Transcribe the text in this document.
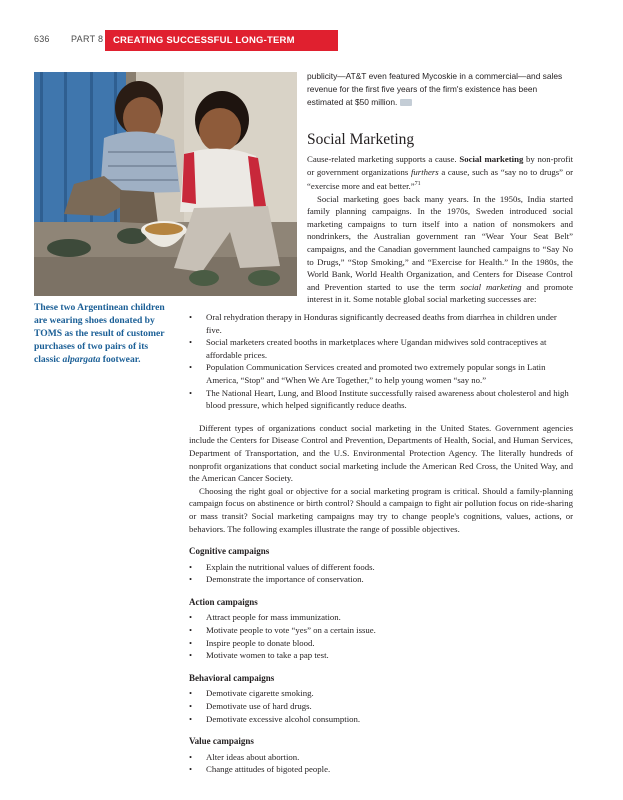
636 PART 8	CREATING SUCCESSFUL LONG-TERM GROWTH
These two Argentinean children are wearing shoes donated by TOMS as the result of customer purchases of two pairs of its classic alpargata footwear.
publicity—AT&T even featured Mycoskie in a commercial—and sales revenue for the first five years of the firm's existence has been estimated at $50 million.
Social Marketing

Cause-related marketing supports a cause. Social marketing by non-profit or government organizations furthers a cause, such as “say no to drugs” or “exercise more and eat better.”$^{71}$

Social marketing goes back many years. In the 1950s, India started family planning campaigns. In the 1970s, Sweden introduced social marketing campaigns to turn itself into a nation of nonsmokers and nondrinkers, the Australian government ran “Wear Your Seat Belt” campaigns, and the Canadian government launched campaigns to “Say No to Drugs,” “Stop Smoking,” and “Exercise for Health.” In the 1980s, the World Bank, World Health Organization, and Centers for Disease Control and Prevention started to use the term social marketing and promote interest in it. Some notable global social marketing successes are:

• Oral rehydration therapy in Honduras significantly decreased deaths from diarrhea in children under five.
• Social marketers created booths in marketplaces where Ugandan midwives sold contraceptives at affordable prices.
• Population Communication Services created and promoted two extremely popular songs in Latin America, “Stop” and “When We Are Together,” to help young women “say no.”
• The National Heart, Lung, and Blood Institute successfully raised awareness about cholesterol and high blood pressure, which helped significantly reduce deaths.

Different types of organizations conduct social marketing in the United States. Government agencies include the Centers for Disease Control and Prevention, Departments of Health, Social, and Human Services, Department of Transportation, and the U.S. Environmental Protection Agency. The literally hundreds of nonprofit organizations that conduct social marketing include the American Red Cross, the United Way, and the American Cancer Society.

Choosing the right goal or objective for a social marketing program is critical. Should a family-planning campaign focus on abstinence or birth control? Should a campaign to fight air pollution focus on ride-sharing or mass transit? Social marketing campaigns may try to change people's cognitions, values, actions, or behaviors. The following examples illustrate the range of possible objectives.

Cognitive campaigns
• Explain the nutritional values of different foods.
• Demonstrate the importance of conservation.
Action campaigns
• Attract people for mass immunization.
• Motivate people to vote “yes” on a certain issue.
• Inspire people to donate blood.
• Motivate women to take a pap test.
Behavioral campaigns
• Demotivate cigarette smoking.
• Demotivate use of hard drugs.
• Demotivate excessive alcohol consumption.
Value campaigns
• Alter ideas about abortion.
• Change attitudes of bigoted people.
